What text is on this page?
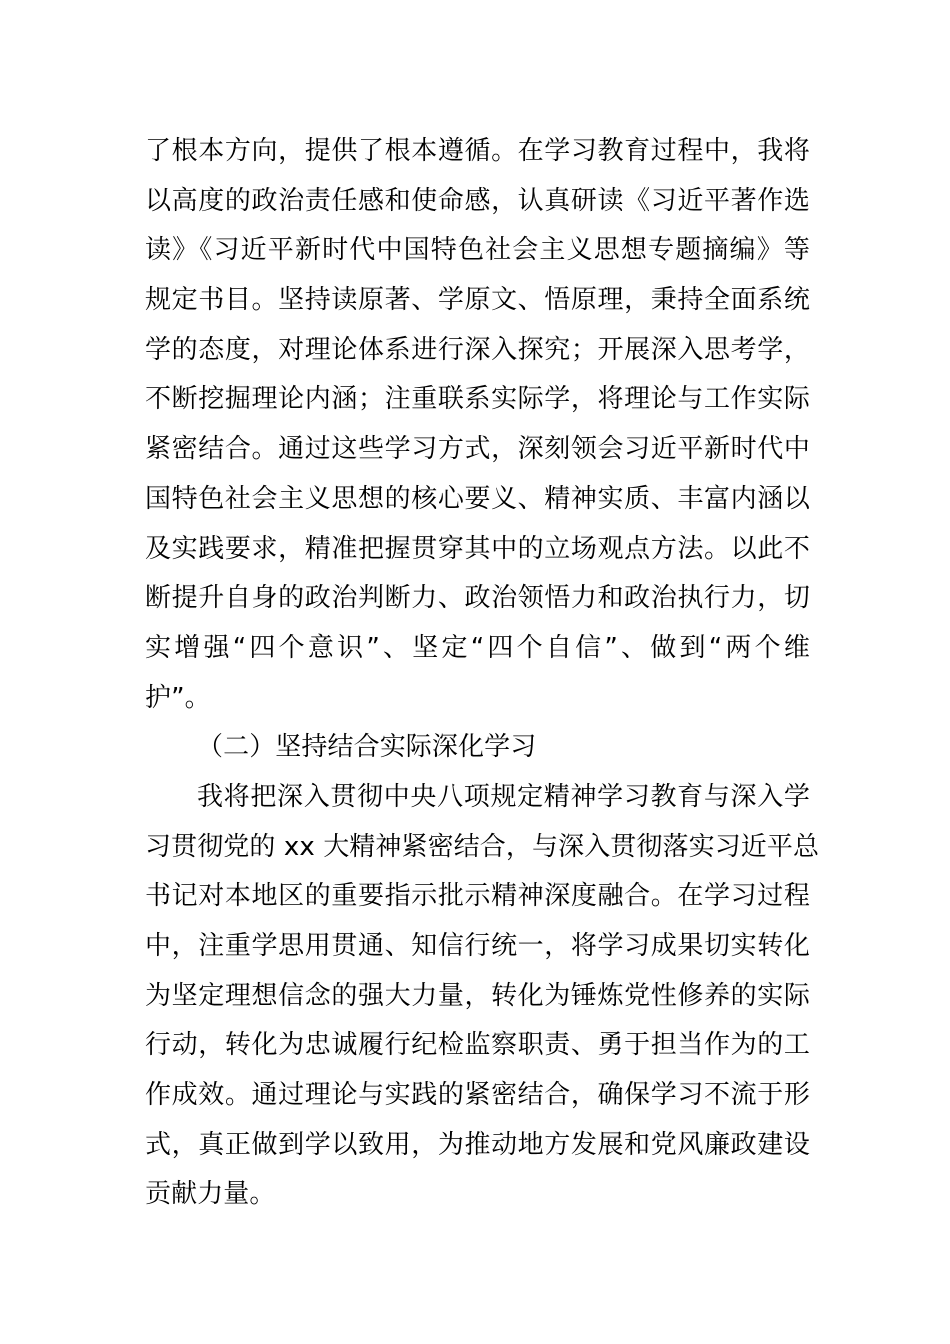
了根本方向，提供了根本遵循。在学习教育过程中，我将
以高度的政治责任感和使命感，认真研读《习近平著作选
读》《习近平新时代中国特色社会主义思想专题摘编》等
规定书目。坚持读原著、学原文、悟原理，秉持全面系统
学的态度，对理论体系进行深入探究；开展深入思考学，
不断挖掘理论内涵；注重联系实际学，将理论与工作实际
紧密结合。通过这些学习方式，深刻领会习近平新时代中
国特色社会主义思想的核心要义、精神实质、丰富内涵以
及实践要求，精准把握贯穿其中的立场观点方法。以此不
断提升自身的政治判断力、政治领悟力和政治执行力，切
实增强“四个意识”、坚定“四个自信”、做到“两个维
护”。
（二）坚持结合实际深化学习
我将把深入贯彻中央八项规定精神学习教育与深入学
习贯彻党的 xx 大精神紧密结合，与深入贯彻落实习近平总
书记对本地区的重要指示批示精神深度融合。在学习过程
中，注重学思用贯通、知信行统一，将学习成果切实转化
为坚定理想信念的强大力量，转化为锤炼党性修养的实际
行动，转化为忠诚履行纪检监察职责、勇于担当作为的工
作成效。通过理论与实践的紧密结合，确保学习不流于形
式，真正做到学以致用，为推动地方发展和党风廉政建设
贡献力量。
